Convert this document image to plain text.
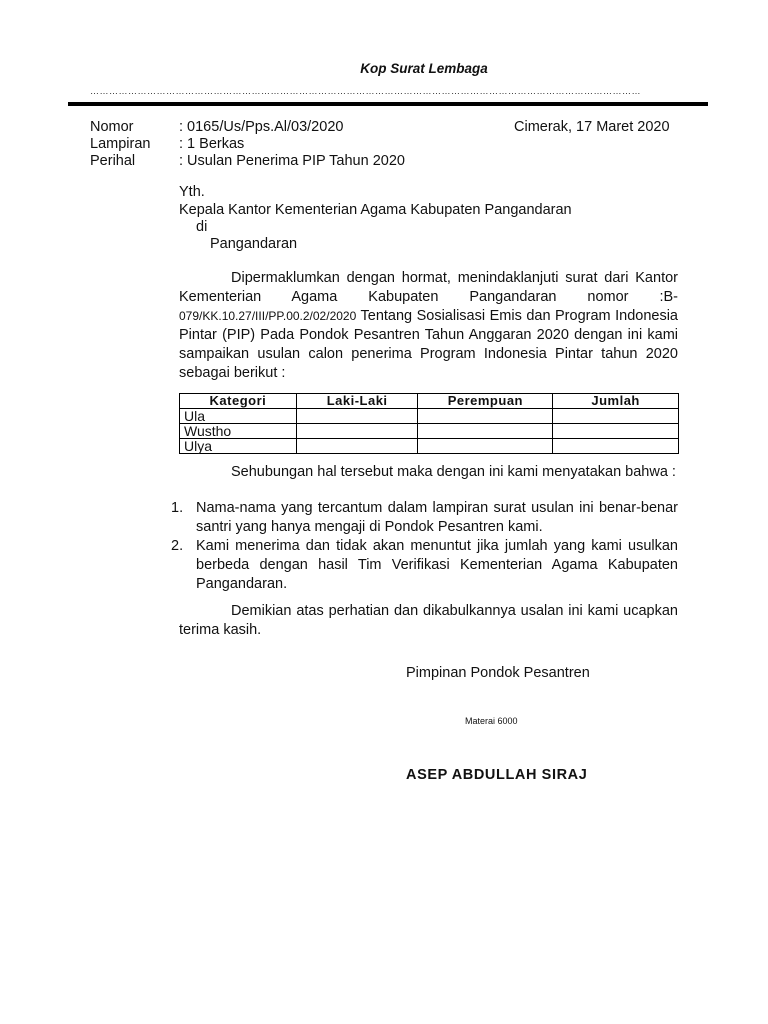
Kop Surat Lembaga
…………………………………………………………………………………………………………………………………………………………
Nomor	: 0165/Us/Pps.Al/03/2020	Cimerak, 17 Maret 2020
Lampiran : 1 Berkas
Perihal	: Usulan Penerima PIP Tahun 2020
Yth.
Kepala Kantor Kementerian Agama Kabupaten Pangandaran
di
Pangandaran
Dipermaklumkan dengan hormat, menindaklanjuti surat dari Kantor Kementerian Agama Kabupaten Pangandaran nomor :B-079/KK.10.27/III/PP.00.2/02/2020 Tentang Sosialisasi Emis dan Program Indonesia Pintar (PIP) Pada Pondok Pesantren Tahun Anggaran 2020 dengan ini kami sampaikan usulan calon penerima Program Indonesia Pintar tahun 2020 sebagai berikut :
Kategori	Laki-Laki	Perempuan	Jumlah
Ula			
Wustho			
Ulya			
Sehubungan hal tersebut maka dengan ini kami menyatakan bahwa :
1. Nama-nama yang tercantum dalam lampiran surat usulan ini benar-benar santri yang hanya mengaji di Pondok Pesantren kami.
2. Kami menerima dan tidak akan menuntut jika jumlah yang kami usulkan berbeda dengan hasil Tim Verifikasi Kementerian Agama Kabupaten Pangandaran.
Demikian atas perhatian dan dikabulkannya usalan ini kami ucapkan terima kasih.
Pimpinan Pondok Pesantren
Materai 6000
ASEP ABDULLAH SIRAJ
